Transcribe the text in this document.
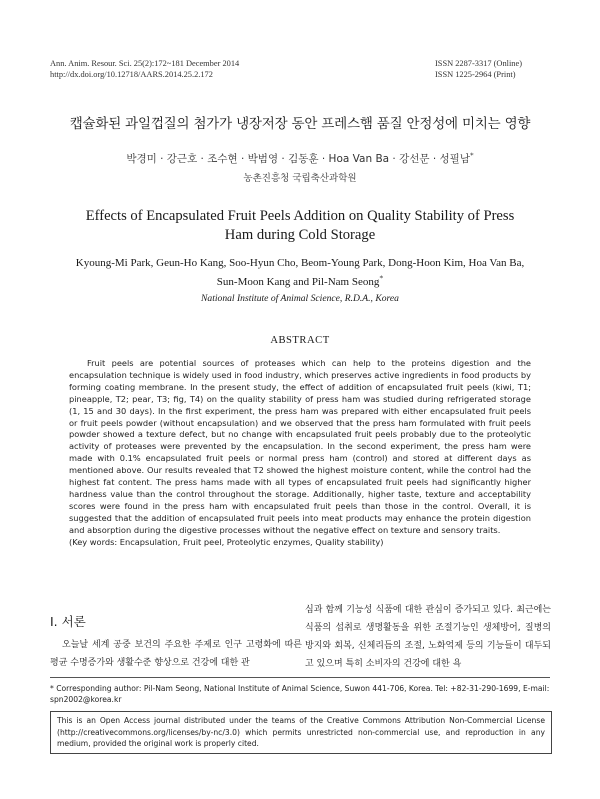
Ann. Anim. Resour. Sci. 25(2):172~181 December 2014
http://dx.doi.org/10.12718/AARS.2014.25.2.172
ISSN 2287-3317 (Online)
ISSN 1225-2964 (Print)
캡슐화된 과일껍질의 첨가가 냉장저장 동안 프레스햄 품질 안정성에 미치는 영향
박경미 · 강근호 · 조수현 · 박범영 · 김동훈 · Hoa Van Ba · 강선문 · 성필남*
농촌진흥청 국립축산과학원
Effects of Encapsulated Fruit Peels Addition on Quality Stability of Press Ham during Cold Storage
Kyoung-Mi Park, Geun-Ho Kang, Soo-Hyun Cho, Beom-Young Park, Dong-Hoon Kim, Hoa Van Ba, Sun-Moon Kang and Pil-Nam Seong*
National Institute of Animal Science, R.D.A., Korea
ABSTRACT

Fruit peels are potential sources of proteases which can help to the proteins digestion and the encapsulation technique is widely used in food industry, which preserves active ingredients in food products by forming coating membrane. In the present study, the effect of addition of encapsulated fruit peels (kiwi, T1; pineapple, T2; pear, T3; fig, T4) on the quality stability of press ham was studied during refrigerated storage (1, 15 and 30 days). In the first experiment, the press ham was prepared with either encapsulated fruit peels or fruit peels powder (without encapsulation) and we observed that the press ham formulated with fruit peels powder showed a texture defect, but no change with encapsulated fruit peels probably due to the proteolytic activity of proteases were prevented by the encapsulation. In the second experiment, the press ham were made with 0.1% encapsulated fruit peels or normal press ham (control) and stored at different days as mentioned above. Our results revealed that T2 showed the highest moisture content, while the control had the highest fat content. The press hams made with all types of encapsulated fruit peels had significantly higher hardness value than the control throughout the storage. Additionally, higher taste, texture and acceptability scores were found in the press ham with encapsulated fruit peels than those in the control. Overall, it is suggested that the addition of encapsulated fruit peels into meat products may enhance the protein digestion and absorption during the digestive processes without the negative effect on texture and sensory traits.

(Key words: Encapsulation, Fruit peel, Proteolytic enzymes, Quality stability)
Ⅰ. 서론

오늘날 세계 공중 보건의 주요한 주제로 인구 고령화에 따른 평균 수명증가와 생활수준 향상으로 건강에 대한 관

심과 함께 기능성 식품에 대한 관심이 증가되고 있다. 최근에는 식품의 섭취로 생명활동을 위한 조절기능인 생체방어, 질병의 방지와 회복, 신체리듬의 조절, 노화억제 등의 기능들이 대두되고 있으며 특히 소비자의 건강에 대한 욕

* Corresponding author: Pil-Nam Seong, National Institute of Animal Science, Suwon 441-706, Korea. Tel: +82-31-290-1699, E-mail: spn2002@korea.kr

This is an Open Access journal distributed under the teams of the Creative Commons Attribution Non-Commercial License (http://creativecommons.org/licenses/by-nc/3.0) which permits unrestricted non-commercial use, and reproduction in any medium, provided the original work is properly cited.
